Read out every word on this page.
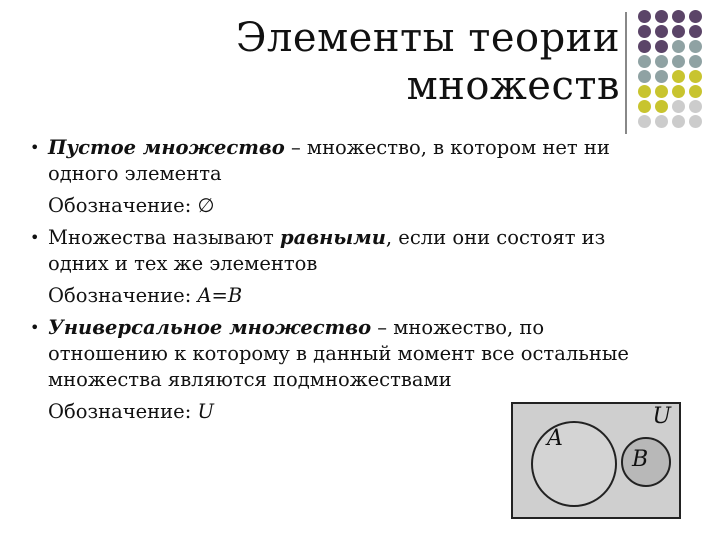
Элементы теории
множеств
• Пустое множество – множество, в котором нет ни
одного элемента
Обозначение: ∅
• Множества называют равными, если они состоят из
одних и тех же элементов
Обозначение: A=B
• Универсальное множество – множество, по
отношению к которому в данный момент все остальные
множества являются подмножествами
Обозначение: U	U
A
B
